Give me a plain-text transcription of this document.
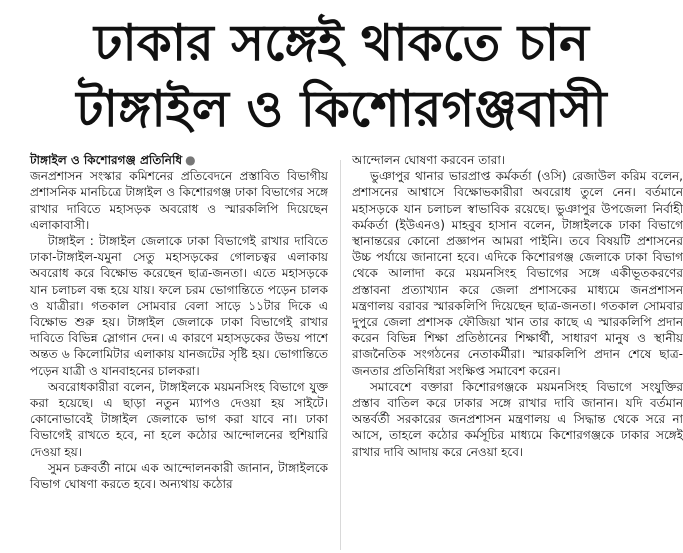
ঢাকার সঙ্গেই থাকতে চান
টাঙ্গাইল ও কিশোরগঞ্জবাসী
টাঙ্গাইল ও কিশোরগঞ্জ প্রতিনিধি ●

জনপ্রশাসন সংস্কার কমিশনের প্রতিবেদনে প্রস্তাবিত বিভাগীয় প্রশাসনিক মানচিত্রে টাঙ্গাইল ও কিশোরগঞ্জ ঢাকা বিভাগের সঙ্গে রাখার দাবিতে মহাসড়ক অবরোধ ও স্মারকলিপি দিয়েছেন এলাকাবাসী।

টাঙ্গাইল : টাঙ্গাইল জেলাকে ঢাকা বিভাগেই রাখার দাবিতে ঢাকা-টাঙ্গাইল-যমুনা সেতু মহাসড়কের গোলচত্বর এলাকায় অবরোধ করে বিক্ষোভ করেছেন ছাত্র-জনতা। এতে মহাসড়কে যান চলাচল বন্ধ হয়ে যায়। ফলে চরম ভোগান্তিতে পড়েন চালক ও যাত্রীরা। গতকাল সোমবার বেলা সাড়ে ১১টার দিকে এ বিক্ষোভ শুরু হয়। টাঙ্গাইল জেলাকে ঢাকা বিভাগেই রাখার দাবিতে বিভিন্ন স্লোগান দেন। এ কারণে মহাসড়কের উভয় পাশে অন্তত ৬ কিলোমিটার এলাকায় যানজটের সৃষ্টি হয়। ভোগান্তিতে পড়েন যাত্রী ও যানবাহনের চালকরা।

অবরোধকারীরা বলেন, টাঙ্গাইলকে ময়মনসিংহ বিভাগে যুক্ত করা হয়েছে। এ ছাড়া নতুন ম্যাপও দেওয়া হয় সাইটে। কোনোভাবেই টাঙ্গাইল জেলাকে ভাগ করা যাবে না। ঢাকা বিভাগেই রাখতে হবে, না হলে কঠোর আন্দোলনের হুশিয়ারি দেওয়া হয়।

সুমন চক্রবর্তী নামে এক আন্দোলনকারী জানান, টাঙ্গাইলকে বিভাগ ঘোষণা করতে হবে। অন্যথায় কঠোর

আন্দোলন ঘোষণা করবেন তারা।

ভুঞাপুর থানার ভারপ্রাপ্ত কর্মকর্তা (ওসি) রেজাউল করিম বলেন, প্রশাসনের আশ্বাসে বিক্ষোভকারীরা অবরোধ তুলে নেন। বর্তমানে মহাসড়কে যান চলাচল স্বাভাবিক রয়েছে। ভুঞাপুর উপজেলা নির্বাহী কর্মকর্তা (ইউএনও) মাহবুব হাসান বলেন, টাঙ্গাইলকে ঢাকা বিভাগে স্থানান্তরের কোনো প্রজ্ঞাপন আমরা পাইনি। তবে বিষয়টি প্রশাসনের উচ্চ পর্যায়ে জানানো হবে। এদিকে কিশোরগঞ্জ জেলাকে ঢাকা বিভাগ থেকে আলাদা করে ময়মনসিংহ বিভাগের সঙ্গে একীভূতকরণের প্রস্তাবনা প্রত্যাখ্যান করে জেলা প্রশাসকের মাধ্যমে জনপ্রশাসন মন্ত্রণালয় বরাবর স্মারকলিপি দিয়েছেন ছাত্র-জনতা। গতকাল সোমবার দুপুরে জেলা প্রশাসক ফৌজিয়া খান তার কাছে এ স্মারকলিপি প্রদান করেন বিভিন্ন শিক্ষা প্রতিষ্ঠানের শিক্ষার্থী, সাধারণ মানুষ ও স্থানীয় রাজনৈতিক সংগঠনের নেতাকর্মীরা। স্মারকলিপি প্রদান শেষে ছাত্র-জনতার প্রতিনিধিরা সংক্ষিপ্ত সমাবেশ করেন।

সমাবেশে বক্তারা কিশোরগঞ্জকে ময়মনসিংহ বিভাগে সংযুক্তির প্রস্তাব বাতিল করে ঢাকার সঙ্গে রাখার দাবি জানান। যদি বর্তমান অন্তর্বর্তী সরকারের জনপ্রশাসন মন্ত্রণালয় এ সিদ্ধান্ত থেকে সরে না আসে, তাহলে কঠোর কর্মসূচির মাধ্যমে কিশোরগঞ্জকে ঢাকার সঙ্গেই রাখার দাবি আদায় করে নেওয়া হবে।
